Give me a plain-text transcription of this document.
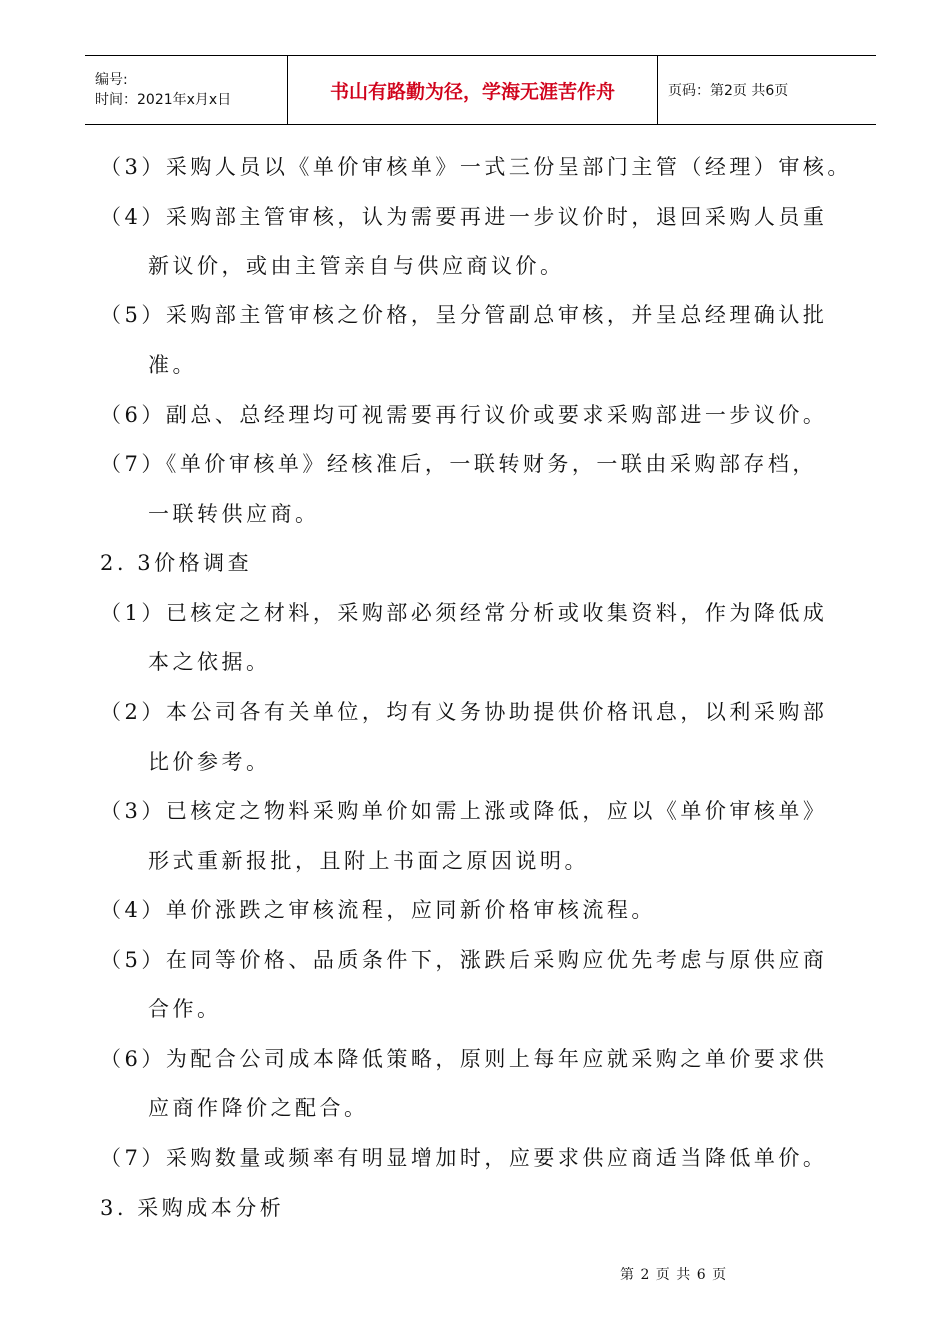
编号:
时间：2021年x月x日	书山有路勤为径，学海无涯苦作舟	页码：第2页 共6页
（3）采购人员以《单价审核单》一式三份呈部门主管（经理）审核。
（4）采购部主管审核，认为需要再进一步议价时，退回采购人员重
新议价，或由主管亲自与供应商议价。
（5）采购部主管审核之价格，呈分管副总审核，并呈总经理确认批
准。
（6）副总、总经理均可视需要再行议价或要求采购部进一步议价。
（7）《单价审核单》经核准后，一联转财务，一联由采购部存档，
一联转供应商。
2. 3价格调查
（1）已核定之材料，采购部必须经常分析或收集资料，作为降低成
本之依据。
（2）本公司各有关单位，均有义务协助提供价格讯息，以利采购部
比价参考。
（3）已核定之物料采购单价如需上涨或降低，应以《单价审核单》
形式重新报批，且附上书面之原因说明。
（4）单价涨跌之审核流程，应同新价格审核流程。
（5）在同等价格、品质条件下，涨跌后采购应优先考虑与原供应商
合作。
（6）为配合公司成本降低策略，原则上每年应就采购之单价要求供
应商作降价之配合。
（7）采购数量或频率有明显增加时，应要求供应商适当降低单价。
3. 采购成本分析
第 2 页 共 6 页
